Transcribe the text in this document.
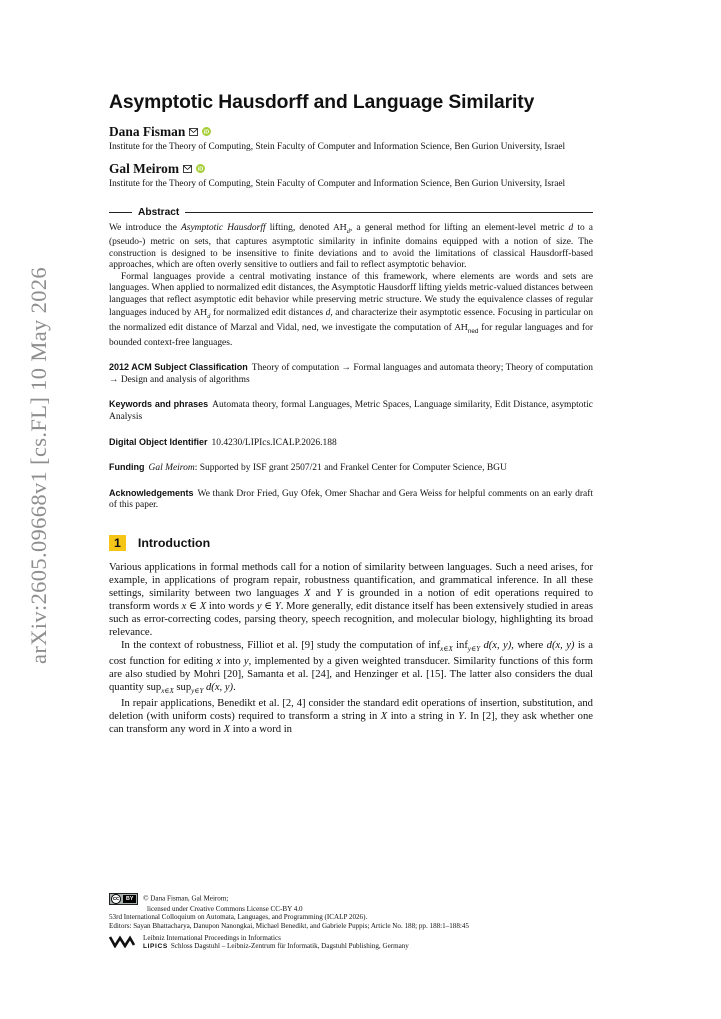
arXiv:2605.09668v1 [cs.FL] 10 May 2026
Asymptotic Hausdorff and Language Similarity
Dana Fisman	iD
Institute for the Theory of Computing, Stein Faculty of Computer and Information Science, Ben Gurion University, Israel
Gal Meirom	iD
Institute for the Theory of Computing, Stein Faculty of Computer and Information Science, Ben Gurion University, Israel
Abstract

We introduce the Asymptotic Hausdorff lifting, denoted $AH_d$, a general method for lifting an element-level metric d to a (pseudo-) metric on sets, that captures asymptotic similarity in infinite domains equipped with a notion of size. The construction is designed to be insensitive to finite deviations and to avoid the limitations of classical Hausdorff-based approaches, which are often overly sensitive to outliers and fail to reflect asymptotic behavior.

Formal languages provide a central motivating instance of this framework, where elements are words and sets are languages. When applied to normalized edit distances, the Asymptotic Hausdorff lifting yields metric-valued distances between languages that reflect asymptotic edit behavior while preserving metric structure. We study the equivalence classes of regular languages induced by $AH_d$ for normalized edit distances d, and characterize their asymptotic essence. Focusing in particular on the normalized edit distance of Marzal and Vidal, ned, we investigate the computation of $AH_{ned}$ for regular languages and for bounded context-free languages.

2012 ACM Subject Classification Theory of computation → Formal languages and automata theory; Theory of computation → Design and analysis of algorithms
Keywords and phrases Automata theory, formal Languages, Metric Spaces, Language similarity, Edit Distance, asymptotic Analysis
Digital Object Identifier 10.4230/LIPIcs.ICALP.2026.188
Funding Gal Meirom: Supported by ISF grant 2507/21 and Frankel Center for Computer Science, BGU
Acknowledgements We thank Dror Fried, Guy Ofek, Omer Shachar and Gera Weiss for helpful comments on an early draft of this paper.
1	Introduction

Various applications in formal methods call for a notion of similarity between languages. Such a need arises, for example, in applications of program repair, robustness quantification, and grammatical inference. In all these settings, similarity between two languages X and Y is grounded in a notion of edit operations required to transform words x ∈ X into words y ∈ Y. More generally, edit distance itself has been extensively studied in areas such as error-correcting codes, parsing theory, speech recognition, and molecular biology, highlighting its broad relevance.

In the context of robustness, Filliot et al. [9] study the computation of inf$_{x\in X}$ inf$_{y\in Y}$ d(x, y), where d(x, y) is a cost function for editing x into y, implemented by a given weighted transducer. Similarity functions of this form are also studied by Mohri [20], Samanta et al. [24], and Henzinger et al. [15]. The latter also considers the dual quantity sup$_{x\in X}$ sup$_{y\in Y}$ d(x, y).

In repair applications, Benedikt et al. [2, 4] consider the standard edit operations of insertion, substitution, and deletion (with uniform costs) required to transform a string in X into a string in Y. In [2], they ask whether one can transform any word in X into a word in

cc	BY	© Dana Fisman, Gal Meirom;
licensed under Creative Commons License CC-BY 4.0
53rd International Colloquium on Automata, Languages, and Programming (ICALP 2026).
Editors: Sayan Bhattacharya, Danupon Nanongkai, Michael Benedikt, and Gabriele Puppis; Article No. 188; pp. 188:1–188:45
Leibniz International Proceedings in Informatics
LIPICS Schloss Dagstuhl – Leibniz-Zentrum für Informatik, Dagstuhl Publishing, Germany
